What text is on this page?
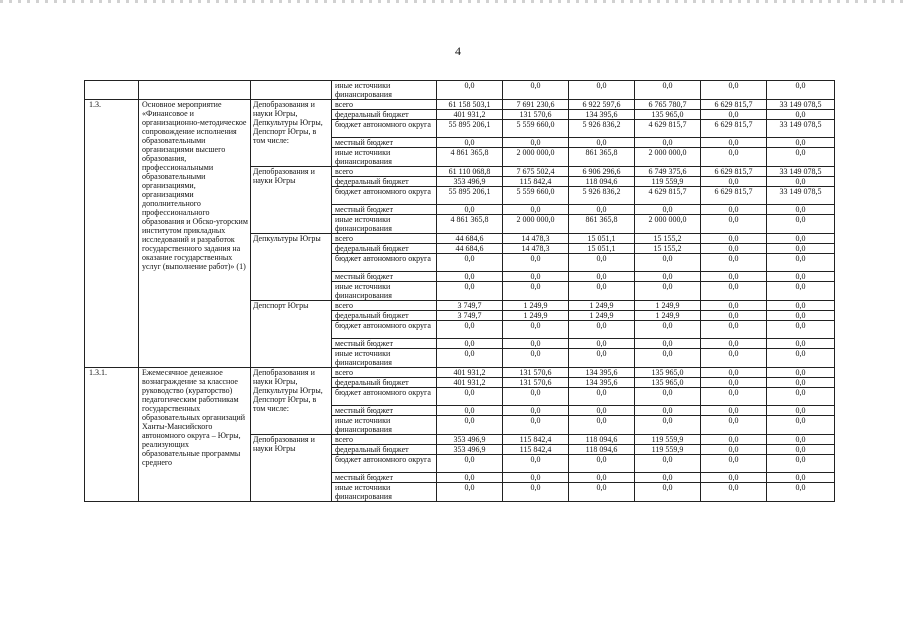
4
			иные источники финансирования	0,0	0,0	0,0	0,0	0,0	0,0
1.3.	Основное мероприятие «Финансовое и организационно-методическое сопровождение исполнения образовательными организациями высшего образования, профессиональными образовательными организациями, организациями дополнительного профессионального образования и Обско-угорским институтом прикладных исследований и разработок государственного задания на оказание государственных услуг (выполнение работ)» (1)	Депобразования и науки Югры, Депкультуры Югры, Депспорт Югры, в том числе:	всего	61 158 503,1	7 691 230,6	6 922 597,6	6 765 780,7	6 629 815,7	33 149 078,5
			федеральный бюджет	401 931,2	131 570,6	134 395,6	135 965,0	0,0	0,0
			бюджет автономного округа	55 895 206,1	5 559 660,0	5 926 836,2	4 629 815,7	6 629 815,7	33 149 078,5
			местный бюджет	0,0	0,0	0,0	0,0	0,0	0,0
			иные источники финансирования	4 861 365,8	2 000 000,0	861 365,8	2 000 000,0	0,0	0,0
		Депобразования и науки Югры	всего	61 110 068,8	7 675 502,4	6 906 296,6	6 749 375,6	6 629 815,7	33 149 078,5
			федеральный бюджет	353 496,9	115 842,4	118 094,6	119 559,9	0,0	0,0
			бюджет автономного округа	55 895 206,1	5 559 660,0	5 926 836,2	4 629 815,7	6 629 815,7	33 149 078,5
			местный бюджет	0,0	0,0	0,0	0,0	0,0	0,0
			иные источники финансирования	4 861 365,8	2 000 000,0	861 365,8	2 000 000,0	0,0	0,0
		Депкультуры Югры	всего	44 684,6	14 478,3	15 051,1	15 155,2	0,0	0,0
			федеральный бюджет	44 684,6	14 478,3	15 051,1	15 155,2	0,0	0,0
			бюджет автономного округа	0,0	0,0	0,0	0,0	0,0	0,0
			местный бюджет	0,0	0,0	0,0	0,0	0,0	0,0
			иные источники финансирования	0,0	0,0	0,0	0,0	0,0	0,0
		Депспорт Югры	всего	3 749,7	1 249,9	1 249,9	1 249,9	0,0	0,0
			федеральный бюджет	3 749,7	1 249,9	1 249,9	1 249,9	0,0	0,0
			бюджет автономного округа	0,0	0,0	0,0	0,0	0,0	0,0
			местный бюджет	0,0	0,0	0,0	0,0	0,0	0,0
			иные источники финансирования	0,0	0,0	0,0	0,0	0,0	0,0
1.3.1.	Ежемесячное денежное вознаграждение за классное руководство (кураторство) педагогическим работникам государственных образовательных организаций Ханты-Мансийского автономного округа – Югры, реализующих образовательные программы среднего	Депобразования и науки Югры, Депкультуры Югры, Депспорт Югры, в том числе:	всего	401 931,2	131 570,6	134 395,6	135 965,0	0,0	0,0
			федеральный бюджет	401 931,2	131 570,6	134 395,6	135 965,0	0,0	0,0
			бюджет автономного округа	0,0	0,0	0,0	0,0	0,0	0,0
			местный бюджет	0,0	0,0	0,0	0,0	0,0	0,0
			иные источники финансирования	0,0	0,0	0,0	0,0	0,0	0,0
		Депобразования и науки Югры	всего	353 496,9	115 842,4	118 094,6	119 559,9	0,0	0,0
			федеральный бюджет	353 496,9	115 842,4	118 094,6	119 559,9	0,0	0,0
			бюджет автономного округа	0,0	0,0	0,0	0,0	0,0	0,0
			местный бюджет	0,0	0,0	0,0	0,0	0,0	0,0
			иные источники финансирования	0,0	0,0	0,0	0,0	0,0	0,0
